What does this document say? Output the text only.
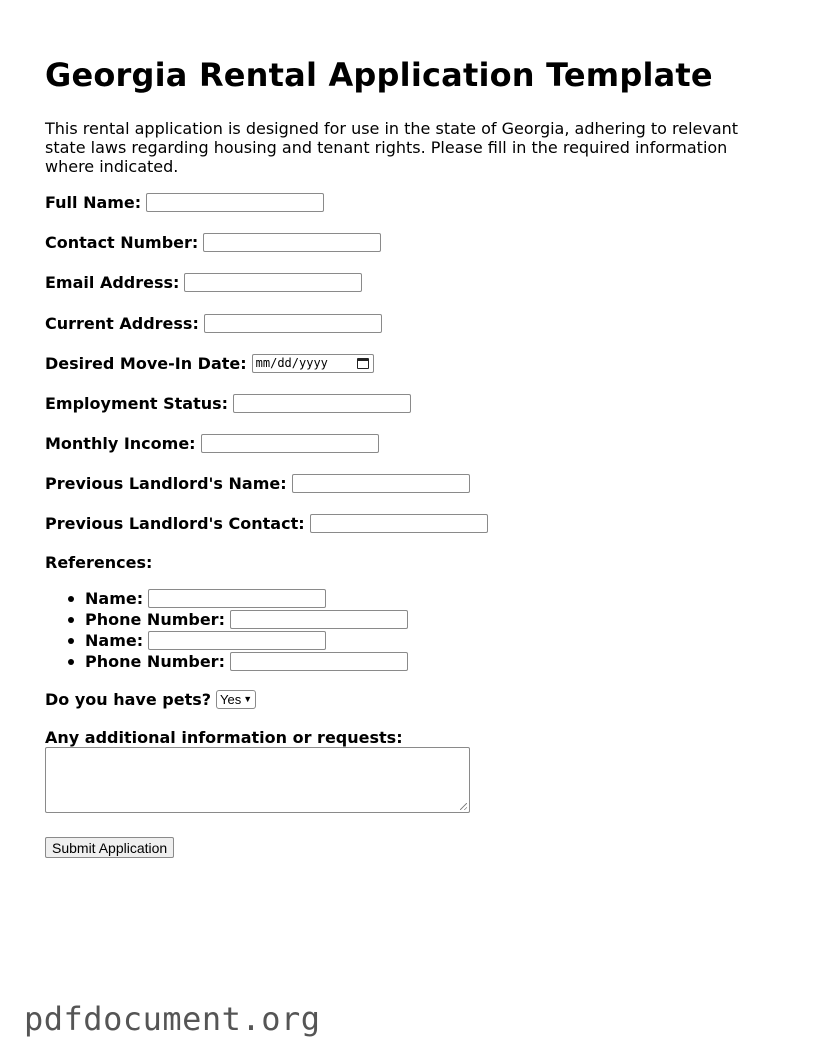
Georgia Rental Application Template

This rental application is designed for use in the state of Georgia, adhering to relevant state laws regarding housing and tenant rights. Please fill in the required information where indicated.

Full Name:
Contact Number:
Email Address:
Current Address:
Desired Move-In Date: mm/dd/yyyy
Employment Status:
Monthly Income:
Previous Landlord's Name:
Previous Landlord's Contact:
References:
Name:
Phone Number:
Name:
Phone Number:
Do you have pets? Yes ▼
Any additional information or requests:
Submit Application
pdfdocument.org
